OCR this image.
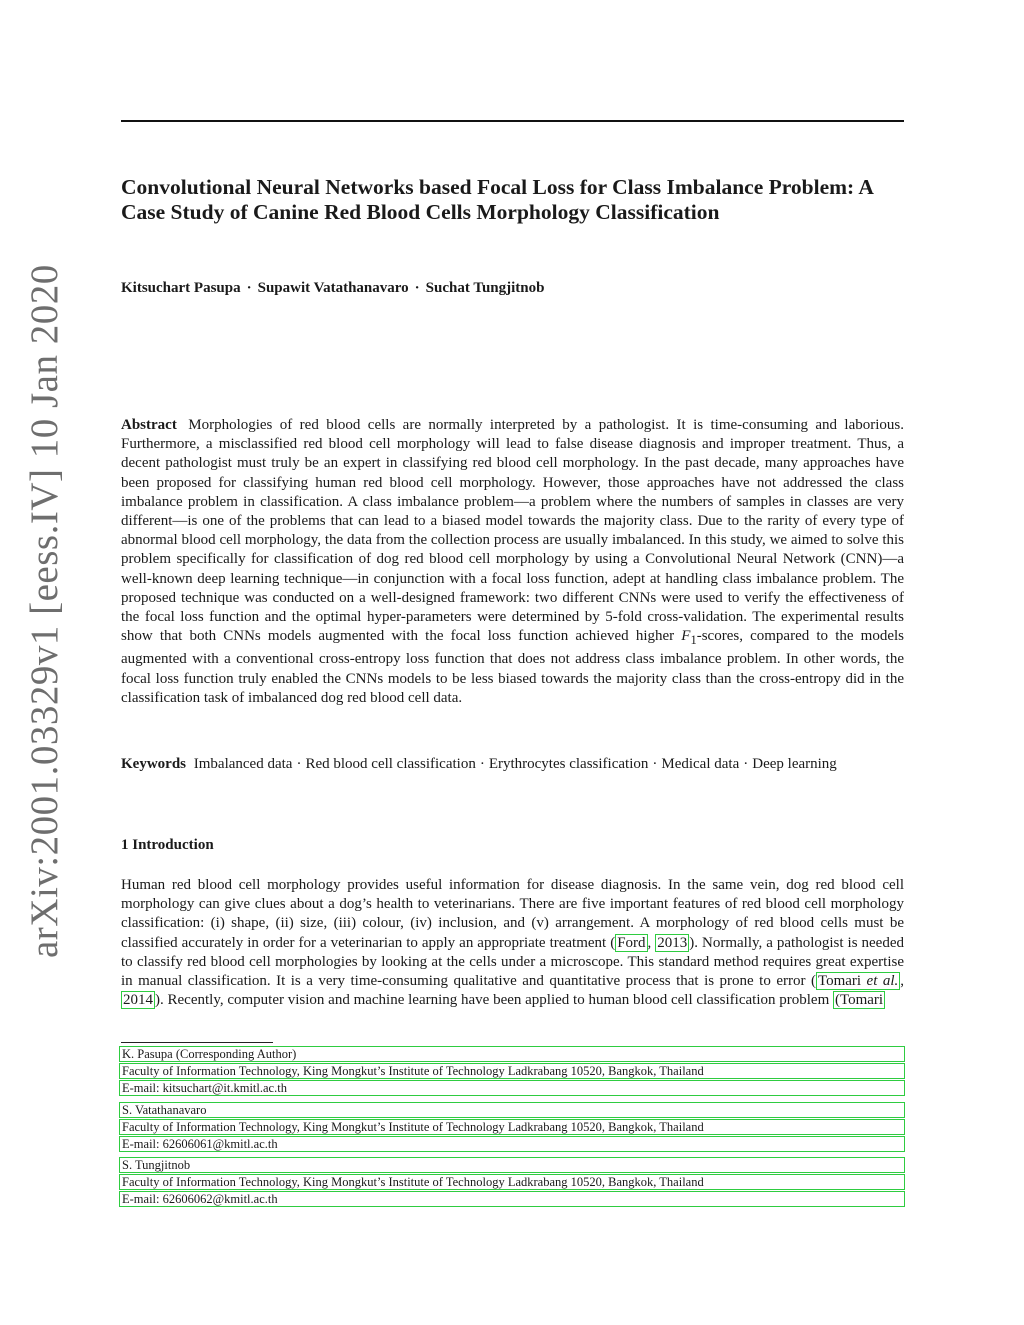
arXiv:2001.03329v1 [eess.IV] 10 Jan 2020
Convolutional Neural Networks based Focal Loss for Class Imbalance Problem: A Case Study of Canine Red Blood Cells Morphology Classification
Kitsuchart Pasupa · Supawit Vatathanavaro · Suchat Tungjitnob
Abstract Morphologies of red blood cells are normally interpreted by a pathologist. It is time-consuming and laborious. Furthermore, a misclassified red blood cell morphology will lead to false disease diagnosis and improper treatment. Thus, a decent pathologist must truly be an expert in classifying red blood cell morphology. In the past decade, many approaches have been proposed for classifying human red blood cell morphology. However, those approaches have not addressed the class imbalance problem in classification. A class imbalance problem—a problem where the numbers of samples in classes are very different—is one of the problems that can lead to a biased model towards the majority class. Due to the rarity of every type of abnormal blood cell morphology, the data from the collection process are usually imbalanced. In this study, we aimed to solve this problem specifically for classification of dog red blood cell morphology by using a Convolutional Neural Network (CNN)—a well-known deep learning technique—in conjunction with a focal loss function, adept at handling class imbalance problem. The proposed technique was conducted on a well-designed framework: two different CNNs were used to verify the effectiveness of the focal loss function and the optimal hyper-parameters were determined by 5-fold cross-validation. The experimental results show that both CNNs models augmented with the focal loss function achieved higher $F_1$-scores, compared to the models augmented with a conventional cross-entropy loss function that does not address class imbalance problem. In other words, the focal loss function truly enabled the CNNs models to be less biased towards the majority class than the cross-entropy did in the classification task of imbalanced dog red blood cell data.
Keywords Imbalanced data · Red blood cell classification · Erythrocytes classification · Medical data · Deep learning
1 Introduction

Human red blood cell morphology provides useful information for disease diagnosis. In the same vein, dog red blood cell morphology can give clues about a dog’s health to veterinarians. There are five important features of red blood cell morphology classification: (i) shape, (ii) size, (iii) colour, (iv) inclusion, and (v) arrangement. A morphology of red blood cells must be classified accurately in order for a veterinarian to apply an appropriate treatment ( Ford , 2013 ). Normally, a pathologist is needed to classify red blood cell morphologies by looking at the cells under a microscope. This standard method requires great expertise in manual classification. It is a very time-consuming qualitative and quantitative process that is prone to error ( Tomari et al. , 2014 ). Recently, computer vision and machine learning have been applied to human blood cell classification problem (Tomari

K. Pasupa (Corresponding Author)
Faculty of Information Technology, King Mongkut’s Institute of Technology Ladkrabang 10520, Bangkok, Thailand
E-mail: kitsuchart@it.kmitl.ac.th
S. Vatathanavaro
Faculty of Information Technology, King Mongkut’s Institute of Technology Ladkrabang 10520, Bangkok, Thailand
E-mail: 62606061@kmitl.ac.th
S. Tungjitnob
Faculty of Information Technology, King Mongkut’s Institute of Technology Ladkrabang 10520, Bangkok, Thailand
E-mail: 62606062@kmitl.ac.th
